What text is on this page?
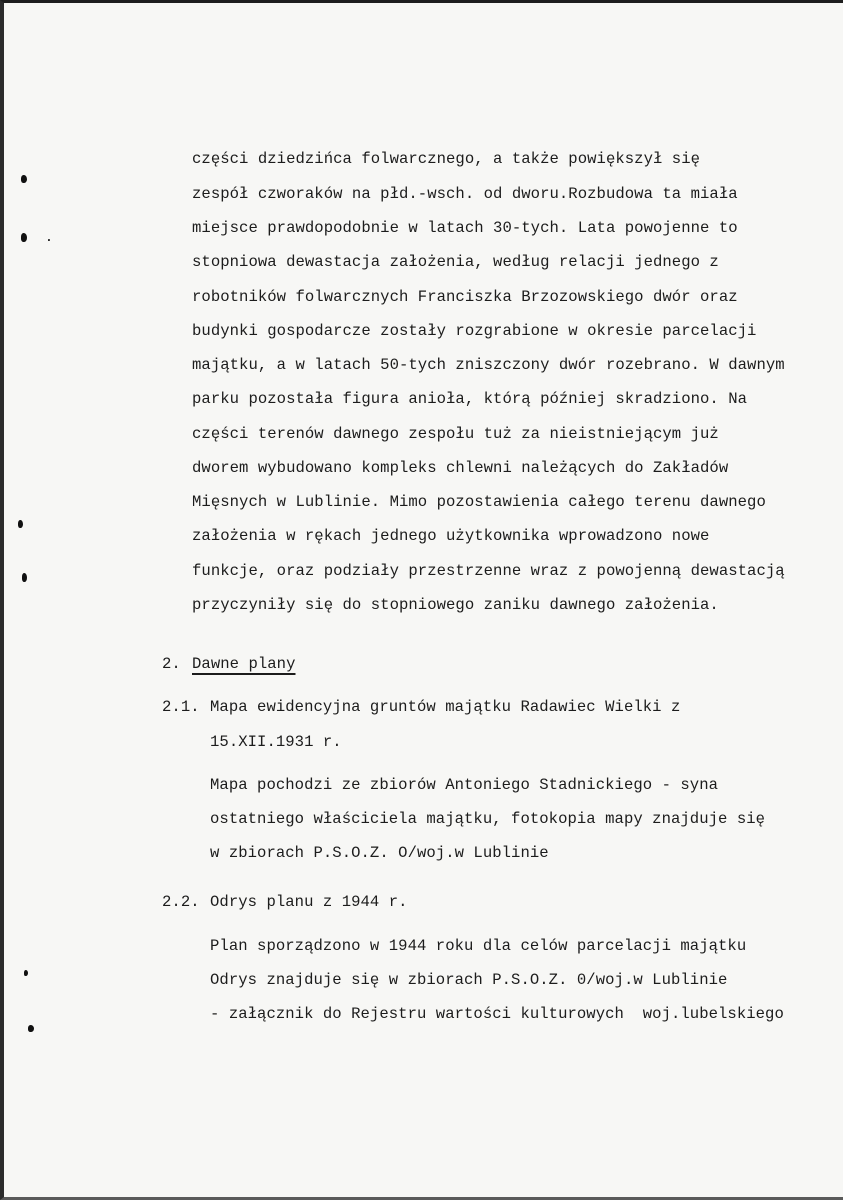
części dziedzińca folwarcznego, a także powiększył się
zespół czworaków na płd.-wsch. od dworu.Rozbudowa ta miała
miejsce prawdopodobnie w latach 30-tych. Lata powojenne to
stopniowa dewastacja założenia, według relacji jednego z
robotników folwarcznych Franciszka Brzozowskiego dwór oraz
budynki gospodarcze zostały rozgrabione w okresie parcelacji
majątku, a w latach 50-tych zniszczony dwór rozebrano. W dawnym
parku pozostała figura anioła, którą później skradziono. Na
części terenów dawnego zespołu tuż za nieistniejącym już
dworem wybudowano kompleks chlewni należących do Zakładów
Mięsnych w Lublinie. Mimo pozostawienia całego terenu dawnego
założenia w rękach jednego użytkownika wprowadzono nowe
funkcje, oraz podziały przestrzenne wraz z powojenną dewastacją
przyczyniły się do stopniowego zaniku dawnego założenia.
2. Dawne plany
2.1. Mapa ewidencyjna gruntów majątku Radawiec Wielki z
15.XII.1931 r.
Mapa pochodzi ze zbiorów Antoniego Stadnickiego - syna
ostatniego właściciela majątku, fotokopia mapy znajduje się
w zbiorach P.S.O.Z. O/woj.w Lublinie
2.2. Odrys planu z 1944 r.
Plan sporządzono w 1944 roku dla celów parcelacji majątku
Odrys znajduje się w zbiorach P.S.O.Z. 0/woj.w Lublinie
- załącznik do Rejestru wartości kulturowych  woj.lubelskiego
